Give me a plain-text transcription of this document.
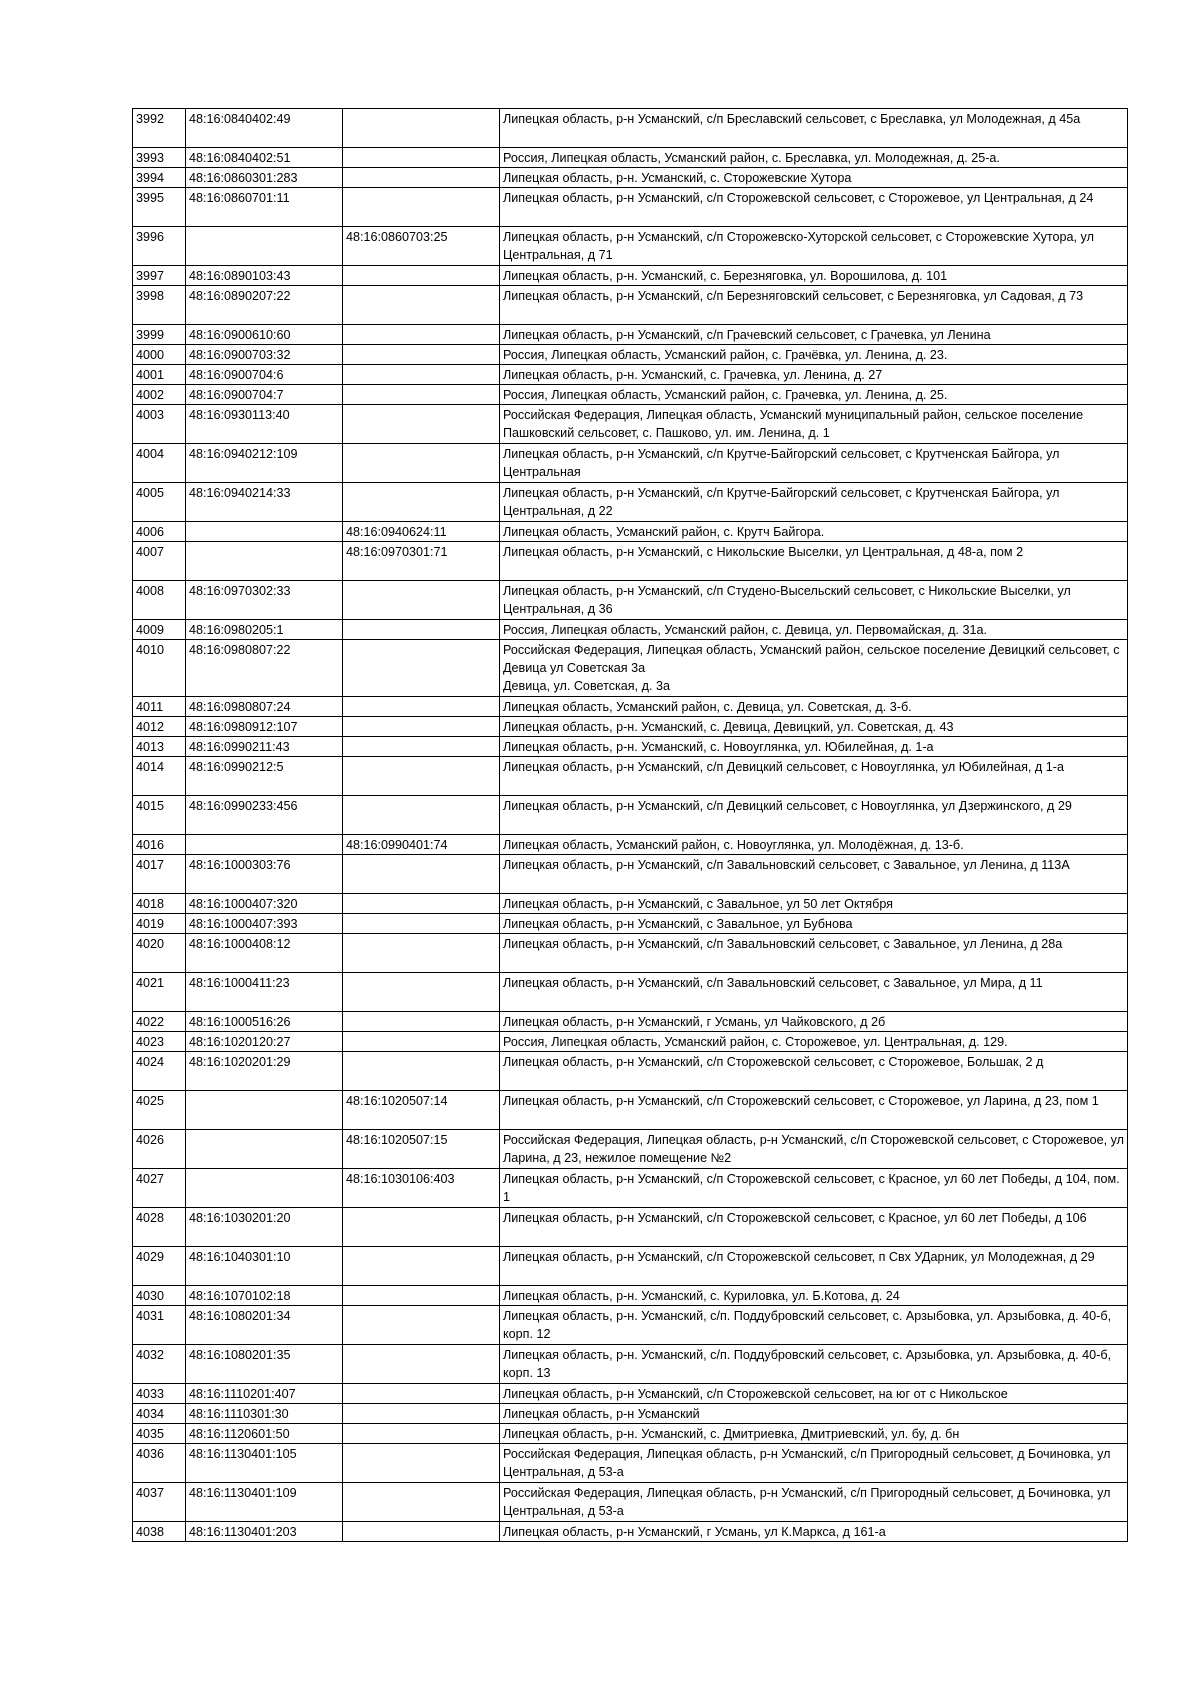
3992	48:16:0840402:49		Липецкая область, р-н Усманский, с/п Бреславский сельсовет, с Бреславка, ул Молодежная, д 45а
3993	48:16:0840402:51		Россия, Липецкая область, Усманский район, с. Бреславка, ул. Молодежная, д. 25-а.
3994	48:16:0860301:283		Липецкая область, р-н. Усманский, с. Сторожевские Хутора
3995	48:16:0860701:11		Липецкая область, р-н Усманский, с/п Сторожевской сельсовет, с Сторожевое, ул Центральная, д 24
3996		48:16:0860703:25	Липецкая область, р-н Усманский, с/п Сторожевско-Хуторской сельсовет, с Сторожевские Хутора, ул Центральная, д 71
3997	48:16:0890103:43		Липецкая область, р-н. Усманский, с. Березняговка, ул. Ворошилова, д. 101
3998	48:16:0890207:22		Липецкая область, р-н Усманский, с/п Березняговский сельсовет, с Березняговка, ул Садовая, д 73
3999	48:16:0900610:60		Липецкая область, р-н Усманский, с/п Грачевский сельсовет, с Грачевка, ул Ленина
4000	48:16:0900703:32		Россия, Липецкая область, Усманский район, с. Грачёвка, ул. Ленина, д. 23.
4001	48:16:0900704:6		Липецкая область, р-н. Усманский, с. Грачевка, ул. Ленина, д. 27
4002	48:16:0900704:7		Россия, Липецкая область, Усманский район, с. Грачевка, ул. Ленина, д. 25.
4003	48:16:0930113:40		Российская Федерация, Липецкая область, Усманский муниципальный район, сельское поселение Пашковский сельсовет, с. Пашково, ул. им. Ленина, д. 1
4004	48:16:0940212:109		Липецкая область, р-н Усманский, с/п Крутче-Байгорский сельсовет, с Крутченская Байгора, ул Центральная
4005	48:16:0940214:33		Липецкая область, р-н Усманский, с/п Крутче-Байгорский сельсовет, с Крутченская Байгора, ул Центральная, д 22
4006		48:16:0940624:11	Липецкая область, Усманский район, с. Крутч Байгора.
4007		48:16:0970301:71	Липецкая область, р-н Усманский, с Никольские Выселки, ул Центральная, д 48-а, пом 2
4008	48:16:0970302:33		Липецкая область, р-н Усманский, с/п Студено-Высельский сельсовет, с Никольские Выселки, ул Центральная, д 36
4009	48:16:0980205:1		Россия, Липецкая область, Усманский район, с. Девица, ул. Первомайская, д. 31а.
4010	48:16:0980807:22		Российская Федерация, Липецкая область, Усманский район, сельское поселение Девицкий сельсовет, с Девица ул Советская 3а
Девица, ул. Советская, д. 3а
4011	48:16:0980807:24		Липецкая область, Усманский район, с. Девица, ул. Советская, д. 3-б.
4012	48:16:0980912:107		Липецкая область, р-н. Усманский, с. Девица, Девицкий, ул. Советская, д. 43
4013	48:16:0990211:43		Липецкая область, р-н. Усманский, с. Новоуглянка, ул. Юбилейная, д. 1-а
4014	48:16:0990212:5		Липецкая область, р-н Усманский, с/п Девицкий сельсовет, с Новоуглянка, ул Юбилейная, д 1-а
4015	48:16:0990233:456		Липецкая область, р-н Усманский, с/п Девицкий сельсовет, с Новоуглянка, ул Дзержинского, д 29
4016		48:16:0990401:74	Липецкая область, Усманский район, с. Новоуглянка, ул. Молодёжная, д. 13-б.
4017	48:16:1000303:76		Липецкая область, р-н Усманский, с/п Завальновский сельсовет, с Завальное, ул Ленина, д 113А
4018	48:16:1000407:320		Липецкая область, р-н Усманский, с Завальное, ул 50 лет Октября
4019	48:16:1000407:393		Липецкая область, р-н Усманский, с Завальное, ул Бубнова
4020	48:16:1000408:12		Липецкая область, р-н Усманский, с/п Завальновский сельсовет, с Завальное, ул Ленина, д 28а
4021	48:16:1000411:23		Липецкая область, р-н Усманский, с/п Завальновский сельсовет, с Завальное, ул Мира, д 11
4022	48:16:1000516:26		Липецкая область, р-н Усманский, г Усмань, ул Чайковского, д 2б
4023	48:16:1020120:27		Россия, Липецкая область, Усманский район, с. Сторожевое, ул. Центральная, д. 129.
4024	48:16:1020201:29		Липецкая область, р-н Усманский, с/п Сторожевской сельсовет, с Сторожевое, Большак, 2 д
4025		48:16:1020507:14	Липецкая область, р-н Усманский, с/п Сторожевский сельсовет, с Сторожевое, ул Ларина, д 23, пом 1
4026		48:16:1020507:15	Российская Федерация, Липецкая область, р-н Усманский, с/п Сторожевской сельсовет, с Сторожевое, ул Ларина, д 23, нежилое помещение №2
4027		48:16:1030106:403	Липецкая область, р-н Усманский, с/п Сторожевской сельсовет, с Красное, ул 60 лет Победы, д 104, пом. 1
4028	48:16:1030201:20		Липецкая область, р-н Усманский, с/п Сторожевской сельсовет, с Красное, ул 60 лет Победы, д 106
4029	48:16:1040301:10		Липецкая область, р-н Усманский, с/п Сторожевской сельсовет, п Свх УДарник, ул Молодежная, д 29
4030	48:16:1070102:18		Липецкая область, р-н. Усманский, с. Куриловка, ул. Б.Котова, д. 24
4031	48:16:1080201:34		Липецкая область, р-н. Усманский, с/п. Поддубровский сельсовет, с. Арзыбовка, ул. Арзыбовка, д. 40-б, корп. 12
4032	48:16:1080201:35		Липецкая область, р-н. Усманский, с/п. Поддубровский сельсовет, с. Арзыбовка, ул. Арзыбовка, д. 40-б, корп. 13
4033	48:16:1110201:407		Липецкая область, р-н Усманский, с/п Сторожевской сельсовет, на юг от с Никольское
4034	48:16:1110301:30		Липецкая область, р-н Усманский
4035	48:16:1120601:50		Липецкая область, р-н. Усманский, с. Дмитриевка, Дмитриевский, ул. бу, д. бн
4036	48:16:1130401:105		Российская Федерация, Липецкая область, р-н Усманский, с/п Пригородный сельсовет, д Бочиновка, ул Центральная, д 53-а
4037	48:16:1130401:109		Российская Федерация, Липецкая область, р-н Усманский, с/п Пригородный сельсовет, д Бочиновка, ул Центральная, д 53-а
4038	48:16:1130401:203		Липецкая область, р-н Усманский, г Усмань, ул К.Маркса, д 161-а
